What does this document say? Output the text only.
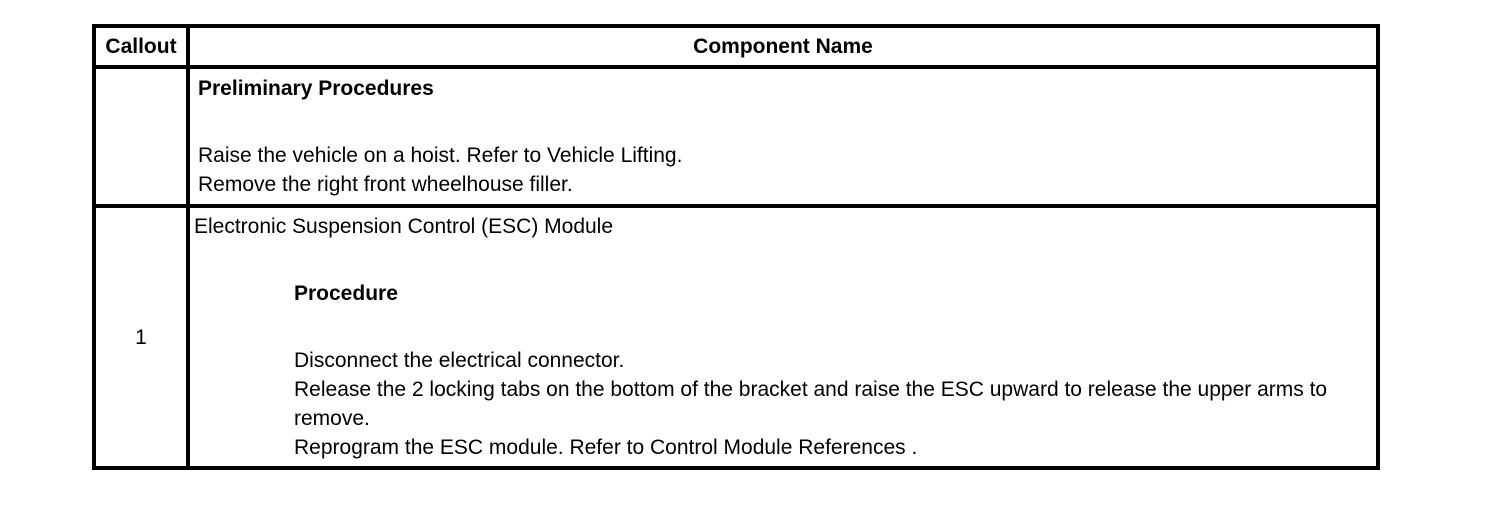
Callout	Component Name

	Preliminary Procedures

Raise the vehicle on a hoist. Refer to Vehicle Lifting.

Remove the right front wheelhouse filler.

1	Electronic Suspension Control (ESC) Module

Procedure

Disconnect the electrical connector.

Release the 2 locking tabs on the bottom of the bracket and raise the ESC upward to release the upper arms to remove.

Reprogram the ESC module. Refer to Control Module References .
